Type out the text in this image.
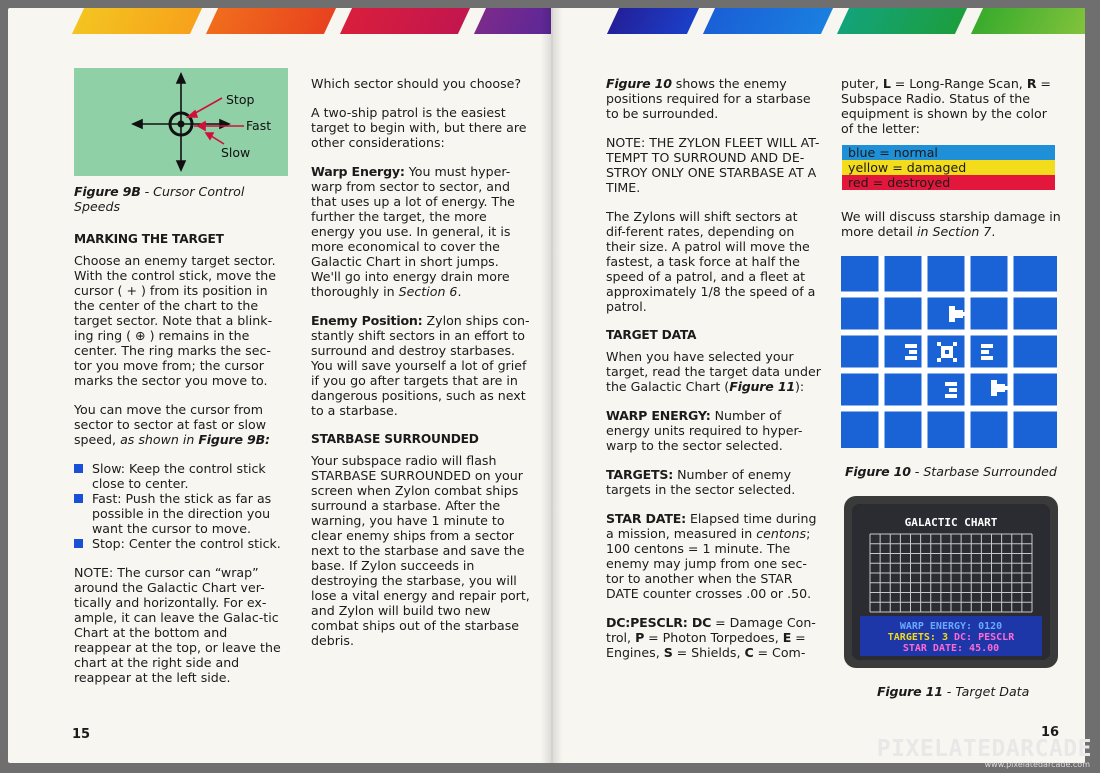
Stop
Fast
Slow

Figure 9B - Cursor Control Speeds

MARKING THE TARGET

Choose an enemy target sector. With the control stick, move the cursor ( + ) from its position in the center of the chart to the target sector. Note that a blink-ing ring ( ⊕ ) remains in the center. The ring marks the sec-tor you move from; the cursor marks the sector you move to.

You can move the cursor from sector to sector at fast or slow speed, as shown in Figure 9B:

Slow: Keep the control stick close to center.

Fast: Push the stick as far as possible in the direction you want the cursor to move.

Stop: Center the control stick.

NOTE: The cursor can “wrap” around the Galactic Chart ver-tically and horizontally. For ex-ample, it can leave the Galac-tic Chart at the bottom and reappear at the top, or leave the chart at the right side and reappear at the left side.

Which sector should you choose?

A two-ship patrol is the easiest target to begin with, but there are other considerations:

Warp Energy: You must hyper-warp from sector to sector, and that uses up a lot of energy. The further the target, the more energy you use. In general, it is more economical to cover the Galactic Chart in short jumps. We'll go into energy drain more thoroughly in Section 6.

Enemy Position: Zylon ships con-stantly shift sectors in an effort to surround and destroy starbases. You will save yourself a lot of grief if you go after targets that are in dangerous positions, such as next to a starbase.

STARBASE SURROUNDED

Your subspace radio will flash STARBASE SURROUNDED on your screen when Zylon combat ships surround a starbase. After the warning, you have 1 minute to clear enemy ships from a sector next to the starbase and save the base. If Zylon succeeds in destroying the starbase, you will lose a vital energy and repair port, and Zylon will build two new combat ships out of the starbase debris.

15

Figure 10 shows the enemy positions required for a starbase to be surrounded.

NOTE: THE ZYLON FLEET WILL AT-TEMPT TO SURROUND AND DE-STROY ONLY ONE STARBASE AT A TIME.

The Zylons will shift sectors at dif-ferent rates, depending on their size. A patrol will move the fastest, a task force at half the speed of a patrol, and a fleet at approximately 1/8 the speed of a patrol.

TARGET DATA

When you have selected your target, read the target data under the Galactic Chart (Figure 11):

WARP ENERGY: Number of energy units required to hyper-warp to the sector selected.

TARGETS: Number of enemy targets in the sector selected.

STAR DATE: Elapsed time during a mission, measured in centons; 100 centons = 1 minute. The enemy may jump from one sec-tor to another when the STAR DATE counter crosses .00 or .50.

DC:PESCLR: DC = Damage Con-trol, P = Photon Torpedoes, E = Engines, S = Shields, C = Com-

puter, L = Long-Range Scan, R = Subspace Radio. Status of the equipment is shown by the color of the letter:

blue = normal
yellow = damaged
red = destroyed

We will discuss starship damage in more detail in Section 7.

Figure 10 - Starbase Surrounded
GALACTIC CHART
WARP ENERGY: 0120
TARGETS: 3 DC: PESCLR
STAR DATE: 45.00
Figure 11 - Target Data
16
PIXELATEDARCADE
www.pixelatedarcade.com
